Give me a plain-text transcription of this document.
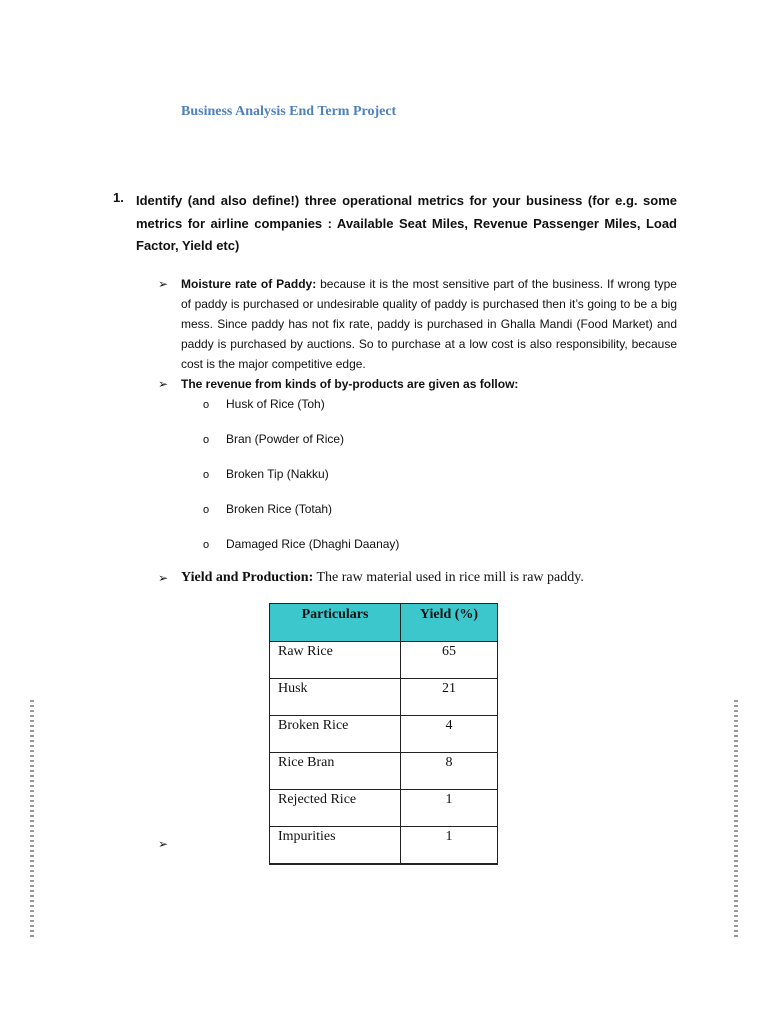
Business Analysis End Term Project
1. Identify (and also define!) three operational metrics for your business (for e.g. some metrics for airline companies : Available Seat Miles, Revenue Passenger Miles, Load Factor, Yield etc)
➢ Moisture rate of Paddy: because it is the most sensitive part of the business. If wrong type of paddy is purchased or undesirable quality of paddy is purchased then it’s going to be a big mess. Since paddy has not fix rate, paddy is purchased in Ghalla Mandi (Food Market) and paddy is purchased by auctions. So to purchase at a low cost is also responsibility, because cost is the major competitive edge.
➢ The revenue from kinds of by-products are given as follow:
o Husk of Rice (Toh)
o Bran (Powder of Rice)
o Broken Tip (Nakku)
o Broken Rice (Totah)
o Damaged Rice (Dhaghi Daanay)
➢ Yield and Production: The raw material used in rice mill is raw paddy.
Particulars	Yield (%)
Raw Rice	65
Husk	21
Broken Rice	4
Rice Bran	8
Rejected Rice	1
Impurities	1
➢
